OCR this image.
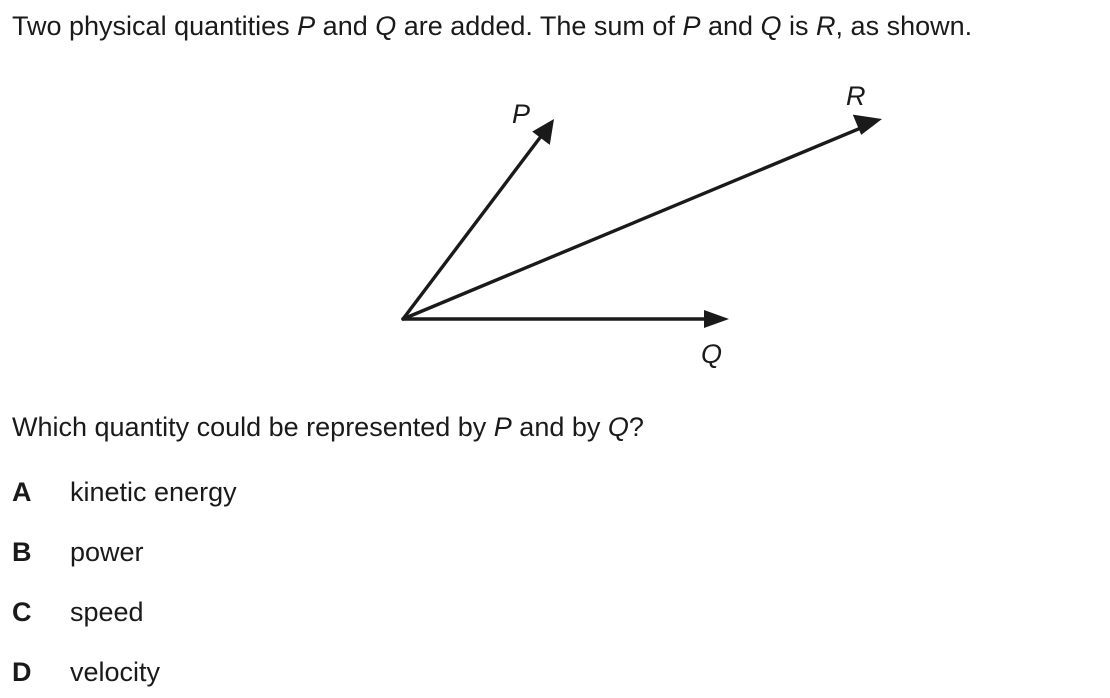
Two physical quantities P and Q are added. The sum of P and Q is R, as shown.
P
R
Q
Which quantity could be represented by P and by Q?
A kinetic energy
B power
C speed
D velocity
